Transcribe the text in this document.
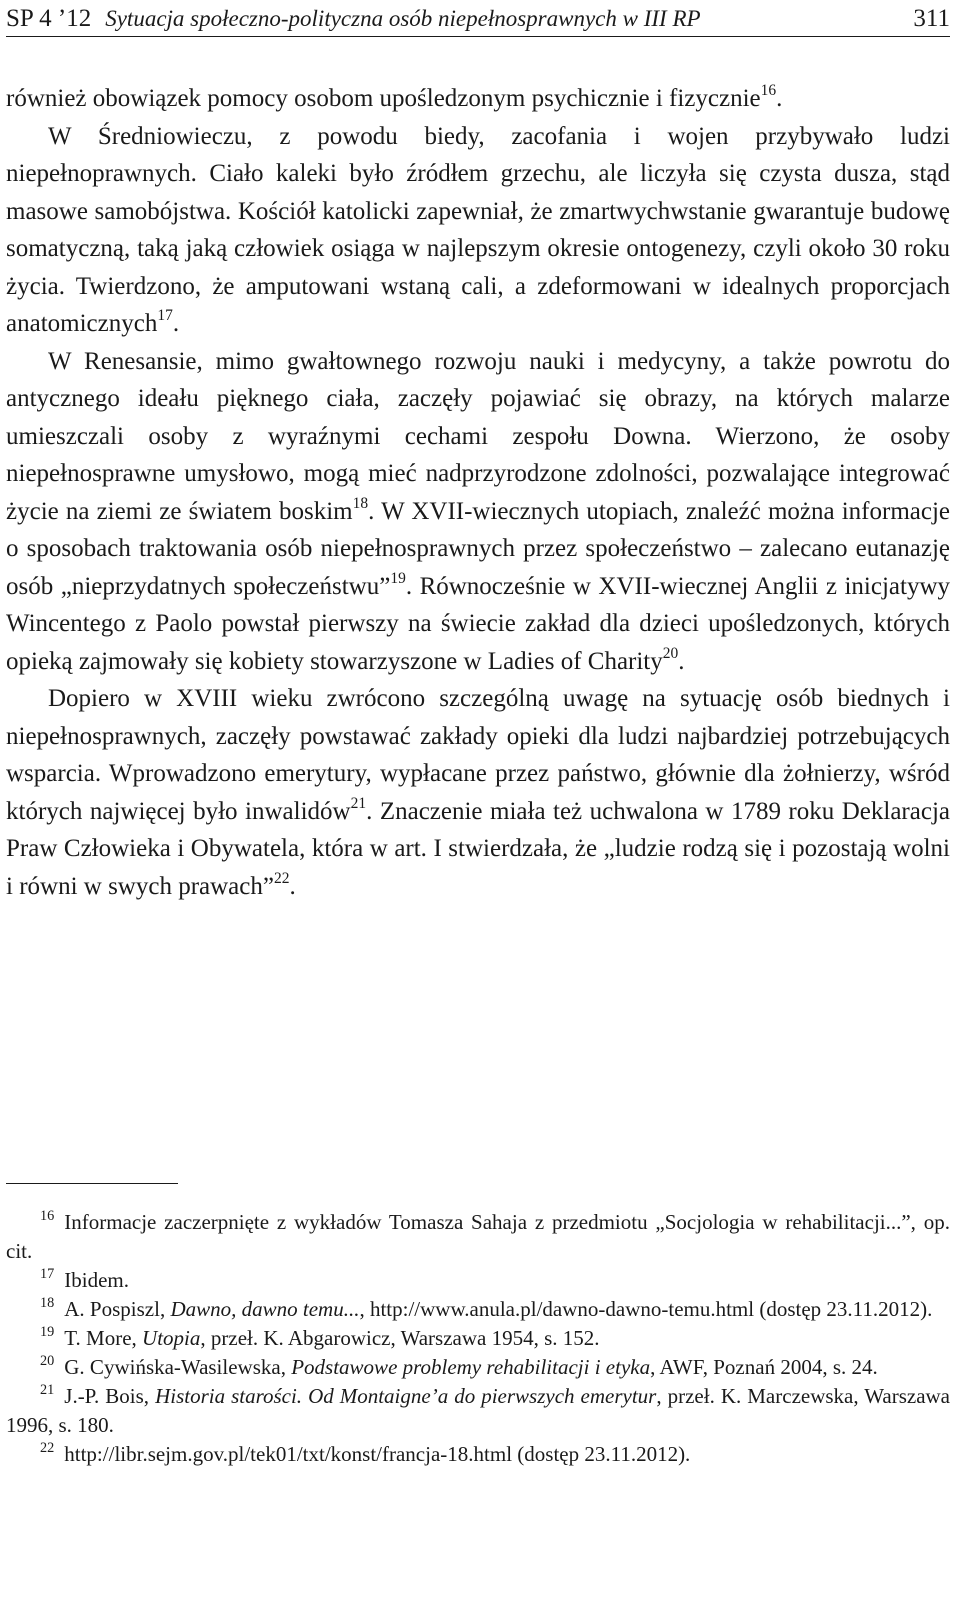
SP 4 ’12 Sytuacja społeczno-polityczna osób niepełnosprawnych w III RP	311

również obowiązek pomocy osobom upośledzonym psychicznie i fizycznie$^{16}$.

W Średniowieczu, z powodu biedy, zacofania i wojen przybywało ludzi niepełnoprawnych. Ciało kaleki było źródłem grzechu, ale liczyła się czysta dusza, stąd masowe samobójstwa. Kościół katolicki zapewniał, że zmartwychwstanie gwarantuje budowę somatyczną, taką jaką człowiek osiąga w najlepszym okresie ontogenezy, czyli około 30 roku życia. Twierdzono, że amputowani wstaną cali, a zdeformowani w idealnych proporcjach anatomicznych$^{17}$.

W Renesansie, mimo gwałtownego rozwoju nauki i medycyny, a także powrotu do antycznego ideału pięknego ciała, zaczęły pojawiać się obrazy, na których malarze umieszczali osoby z wyraźnymi cechami zespołu Downa. Wierzono, że osoby niepełnosprawne umysłowo, mogą mieć nadprzyrodzone zdolności, pozwalające integrować życie na ziemi ze światem boskim$^{18}$. W XVII-wiecznych utopiach, znaleźć można informacje o sposobach traktowania osób niepełnosprawnych przez społeczeństwo – zalecano eutanazję osób „nieprzydatnych społeczeństwu”$^{19}$. Równocześnie w XVII-wiecznej Anglii z inicjatywy Wincentego z Paolo powstał pierwszy na świecie zakład dla dzieci upośledzonych, których opieką zajmowały się kobiety stowarzyszone w Ladies of Charity$^{20}$.

Dopiero w XVIII wieku zwrócono szczególną uwagę na sytuację osób biednych i niepełnosprawnych, zaczęły powstawać zakłady opieki dla ludzi najbardziej potrzebujących wsparcia. Wprowadzono emerytury, wypłacane przez państwo, głównie dla żołnierzy, wśród których najwięcej było inwalidów$^{21}$. Znaczenie miała też uchwalona w 1789 roku Deklaracja Praw Człowieka i Obywatela, która w art. I stwierdzała, że „ludzie rodzą się i pozostają wolni i równi w swych prawach”$^{22}$.

$^{16}$ Informacje zaczerpnięte z wykładów Tomasza Sahaja z przedmiotu „Socjologia w rehabilitacji...”, op. cit.

$^{17}$ Ibidem.

$^{18}$ A. Pospiszl, Dawno, dawno temu..., http://www.anula.pl/dawno-dawno-temu.html (dostęp 23.11.2012).

$^{19}$ T. More, Utopia, przeł. K. Abgarowicz, Warszawa 1954, s. 152.

$^{20}$ G. Cywińska-Wasilewska, Podstawowe problemy rehabilitacji i etyka, AWF, Poznań 2004, s. 24.

$^{21}$ J.-P. Bois, Historia starości. Od Montaigne’a do pierwszych emerytur, przeł. K. Marczewska, Warszawa 1996, s. 180.

$^{22}$ http://libr.sejm.gov.pl/tek01/txt/konst/francja-18.html (dostęp 23.11.2012).
